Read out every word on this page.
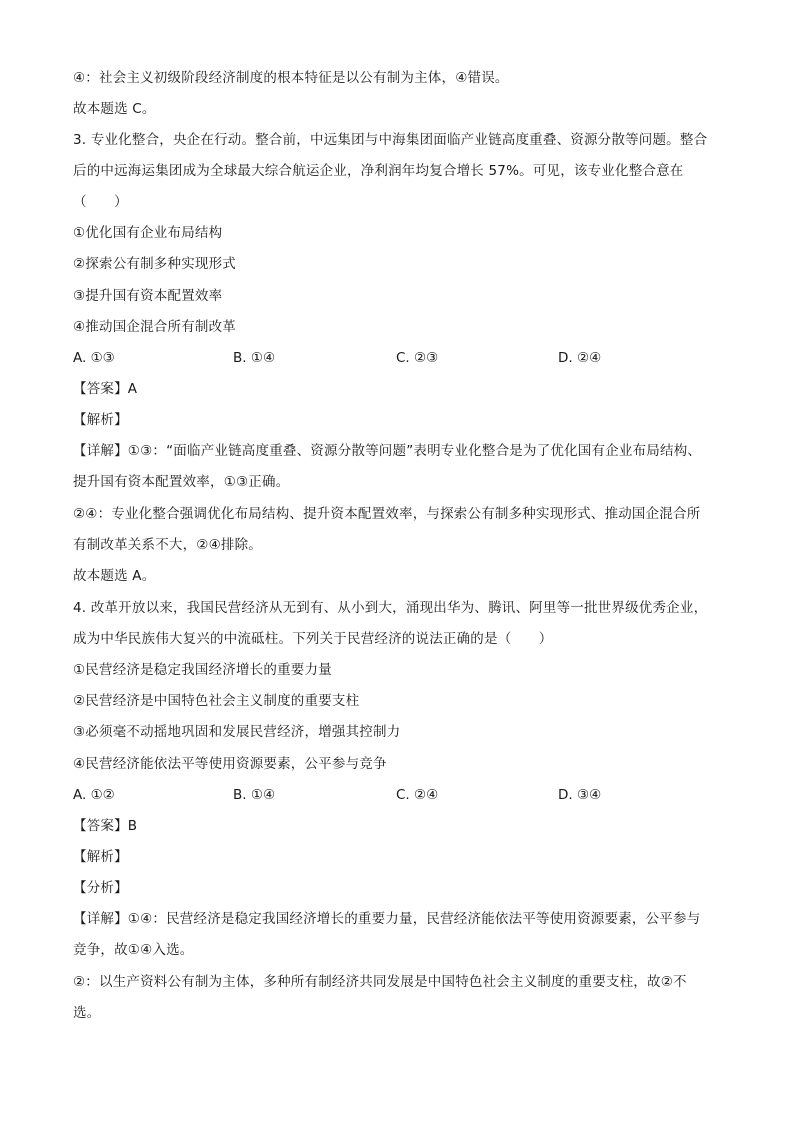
④：社会主义初级阶段经济制度的根本特征是以公有制为主体，④错误。
故本题选 C。
3. 专业化整合，央企在行动。整合前，中远集团与中海集团面临产业链高度重叠、资源分散等问题。整合
后的中远海运集团成为全球最大综合航运企业，净利润年均复合增长 57%。可见，该专业化整合意在
（　　）
①优化国有企业布局结构
②探索公有制多种实现形式
③提升国有资本配置效率
④推动国企混合所有制改革
A. ①③	B. ①④	C. ②③	D. ②④
【答案】A
【解析】
【详解】①③：“面临产业链高度重叠、资源分散等问题”表明专业化整合是为了优化国有企业布局结构、
提升国有资本配置效率，①③正确。
②④：专业化整合强调优化布局结构、提升资本配置效率，与探索公有制多种实现形式、推动国企混合所
有制改革关系不大，②④排除。
故本题选 A。
4. 改革开放以来，我国民营经济从无到有、从小到大，涌现出华为、腾讯、阿里等一批世界级优秀企业，
成为中华民族伟大复兴的中流砥柱。下列关于民营经济的说法正确的是（　　）
①民营经济是稳定我国经济增长的重要力量
②民营经济是中国特色社会主义制度的重要支柱
③必须毫不动摇地巩固和发展民营经济，增强其控制力
④民营经济能依法平等使用资源要素，公平参与竞争
A. ①②	B. ①④	C. ②④	D. ③④
【答案】B
【解析】
【分析】
【详解】①④：民营经济是稳定我国经济增长的重要力量，民营经济能依法平等使用资源要素，公平参与
竞争，故①④入选。
②：以生产资料公有制为主体，多种所有制经济共同发展是中国特色社会主义制度的重要支柱，故②不
选。
